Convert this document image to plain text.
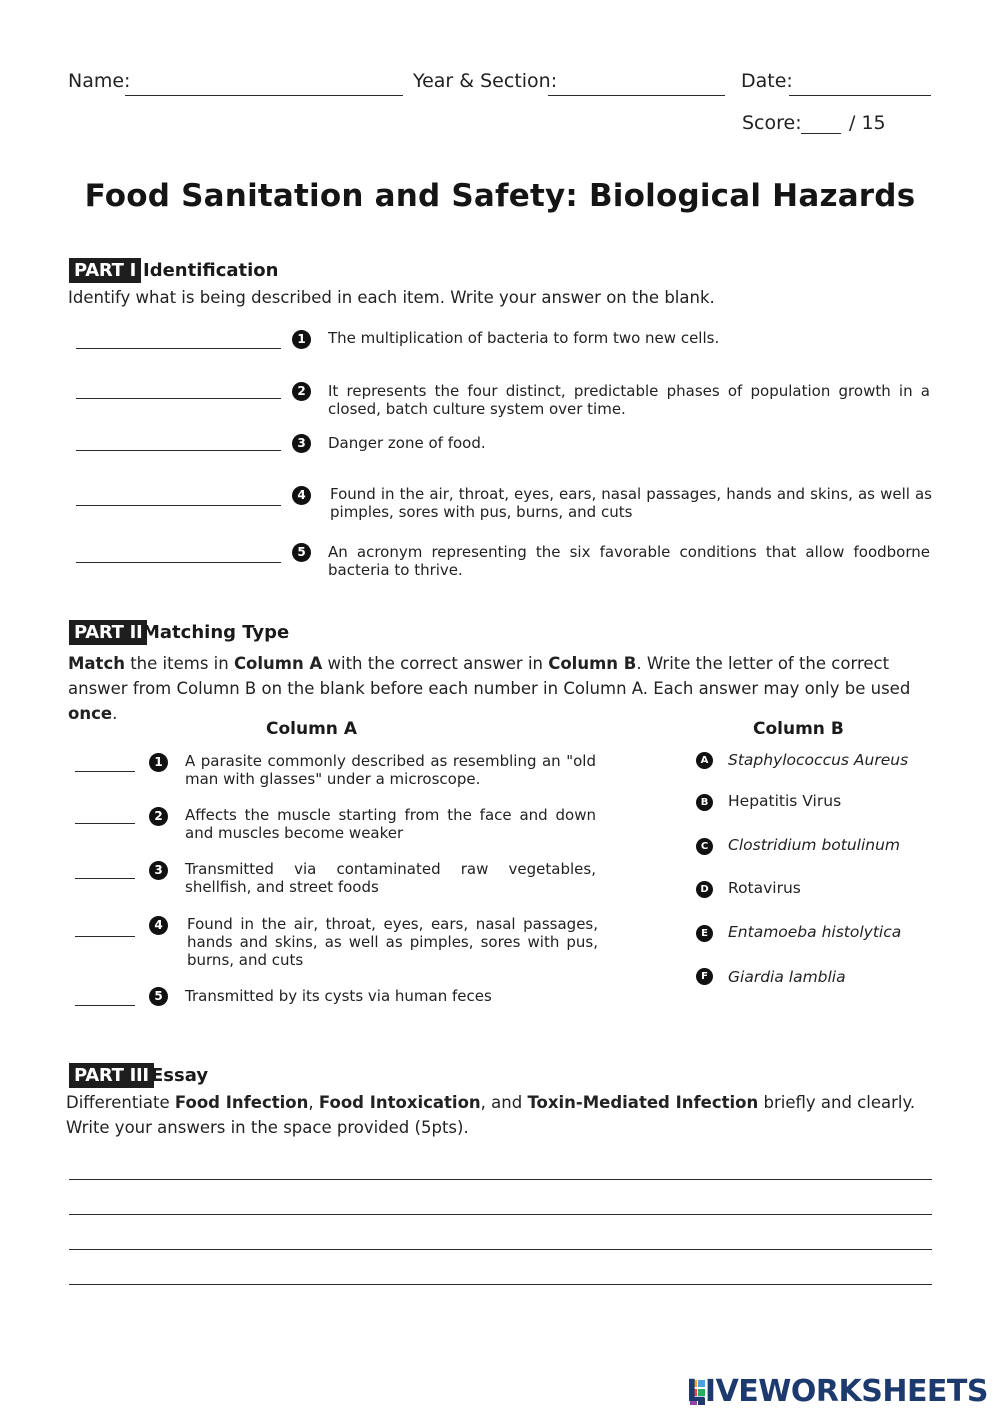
Name:	Year & Section:	Date:
Score: / 15
Food Sanitation and Safety: Biological Hazards
PART I Identification
Identify what is being described in each item. Write your answer on the blank.
1	The multiplication of bacteria to form two new cells.
2	It represents the four distinct, predictable phases of population growth in a closed, batch culture system over time.
3	Danger zone of food.
4	Found in the air, throat, eyes, ears, nasal passages, hands and skins, as well as pimples, sores with pus, burns, and cuts
5	An acronym representing the six favorable conditions that allow foodborne bacteria to thrive.
PART II Matching Type
Match the items in Column A with the correct answer in Column B. Write the letter of the correct answer from Column B on the blank before each number in Column A. Each answer may only be used once.
Column A	Column B
1	A parasite commonly described as resembling an "old man with glasses" under a microscope.
2	Affects the muscle starting from the face and down and muscles become weaker
3	Transmitted via contaminated raw vegetables, shellfish, and street foods
4	Found in the air, throat, eyes, ears, nasal passages, hands and skins, as well as pimples, sores with pus, burns, and cuts
5	Transmitted by its cysts via human feces
A Staphylococcus Aureus
B	Hepatitis Virus
C	Clostridium botulinum
D Rotavirus
E	Entamoeba histolytica
F	Giardia lamblia
PART III Essay
Differentiate Food Infection, Food Intoxication, and Toxin-Mediated Infection briefly and clearly. Write your answers in the space provided (5pts).
LIVEWORKSHEETS
